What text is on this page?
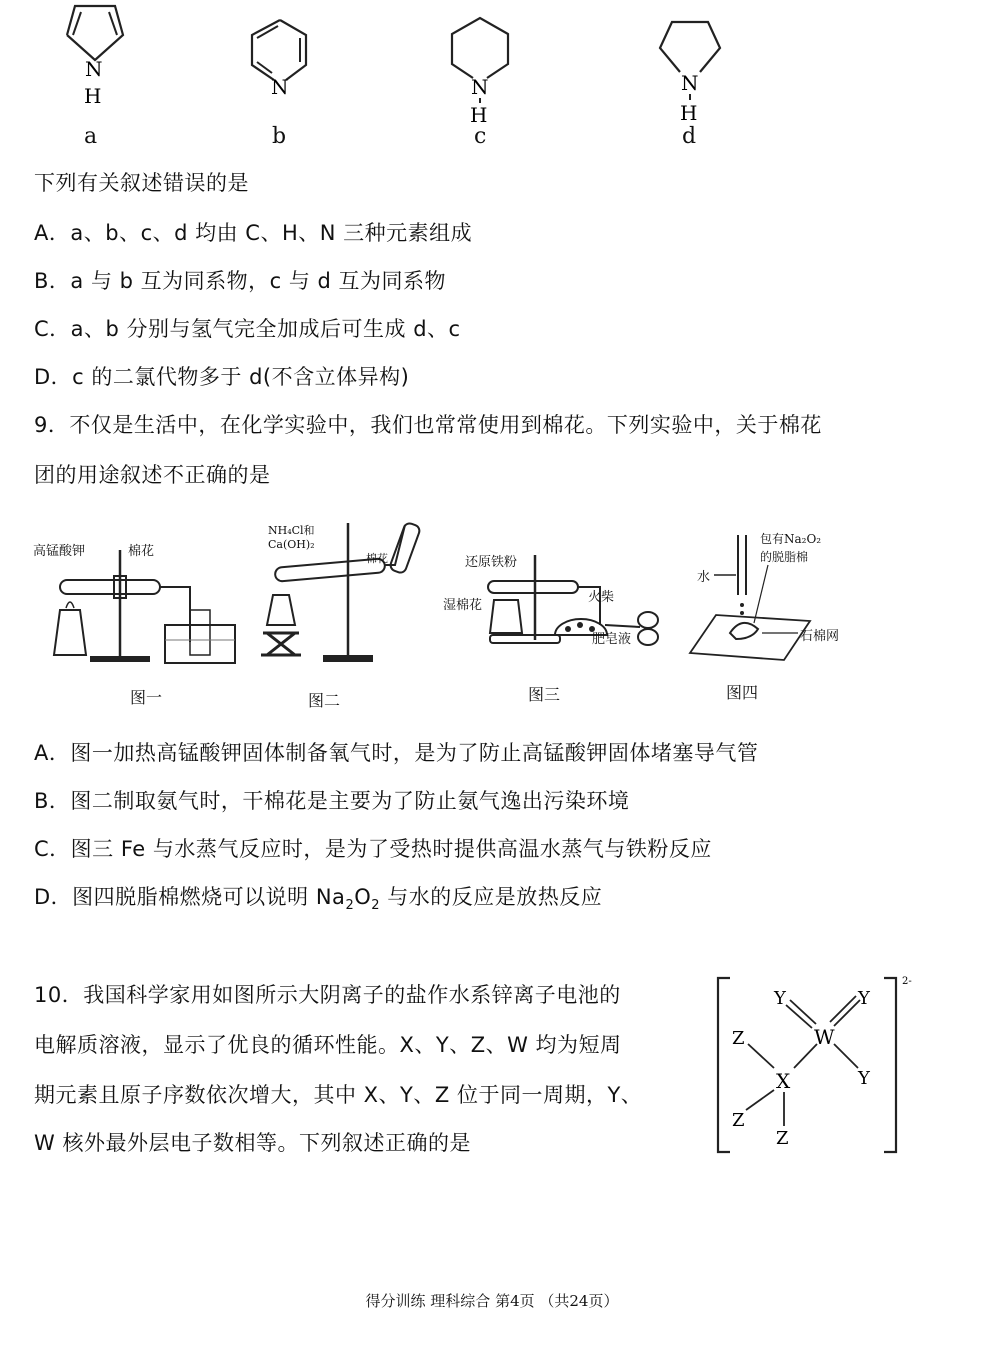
N
H
a
N
b
N
H
c
N
H
d
下列有关叙述错误的是
A．a、b、c、d 均由 C、H、N 三种元素组成
B．a 与 b 互为同系物，c 与 d 互为同系物
C．a、b 分别与氢气完全加成后可生成 d、c
D．c 的二氯代物多于 d(不含立体异构)
9．不仅是生活中，在化学实验中，我们也常常使用到棉花。下列实验中，关于棉花
团的用途叙述不正确的是
高锰酸钾	棉花
图一
NH₄Cl和
Ca(OH)₂
棉花
图二
还原铁粉
湿棉花
火柴
肥皂液
图三
包有Na₂O₂
的脱脂棉
水
石棉网
图四
A．图一加热高锰酸钾固体制备氧气时，是为了防止高锰酸钾固体堵塞导气管
B．图二制取氨气时，干棉花是主要为了防止氨气逸出污染环境
C．图三 Fe 与水蒸气反应时，是为了受热时提供高温水蒸气与铁粉反应
D．图四脱脂棉燃烧可以说明 $Na_2O_2$ 与水的反应是放热反应
10．我国科学家用如图所示大阴离子的盐作水系锌离子电池的
电解质溶液，显示了优良的循环性能。X、Y、Z、W 均为短周
期元素且原子序数依次增大，其中 X、Y、Z 位于同一周期，Y、
W 核外最外层电子数相等。下列叙述正确的是
Y	Y
W
Z
X	Y
Z
Z
2-
得分训练 理科综合 第4页 （共24页）
